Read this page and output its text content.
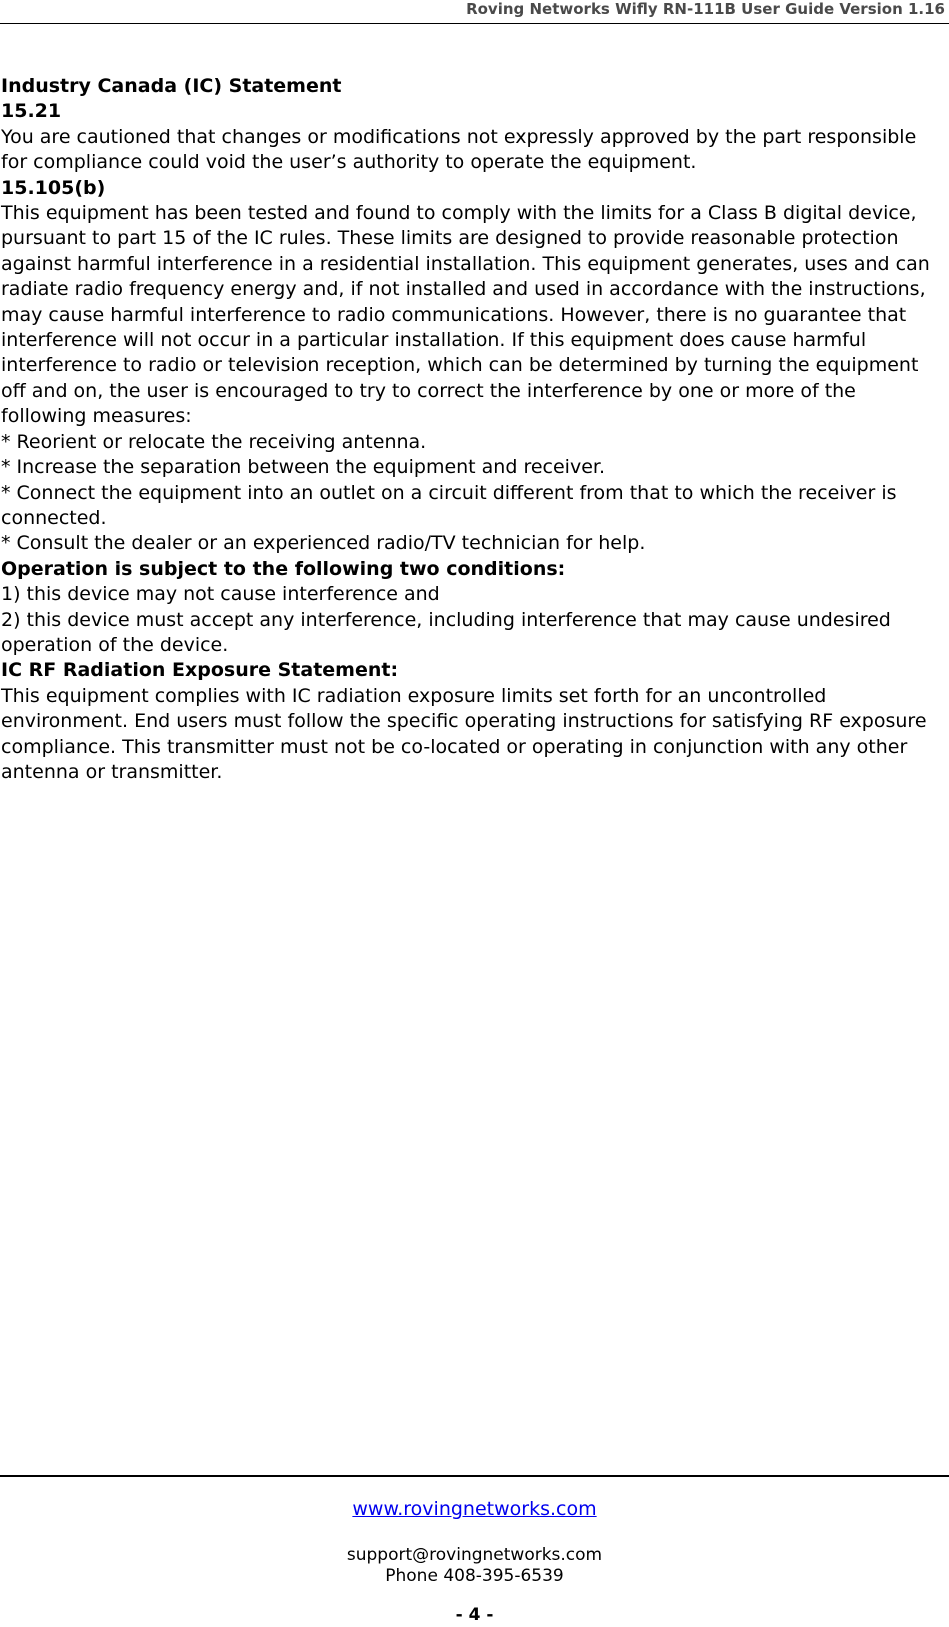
Roving Networks Wifly RN-111B User Guide Version 1.16

Industry Canada (IC) Statement

15.21

You are cautioned that changes or modifications not expressly approved by the part responsible for compliance could void the user’s authority to operate the equipment.

15.105(b)

This equipment has been tested and found to comply with the limits for a Class B digital device, pursuant to part 15 of the IC rules. These limits are designed to provide reasonable protection against harmful interference in a residential installation. This equipment generates, uses and can radiate radio frequency energy and, if not installed and used in accordance with the instructions, may cause harmful interference to radio communications. However, there is no guarantee that interference will not occur in a particular installation. If this equipment does cause harmful interference to radio or television reception, which can be determined by turning the equipment off and on, the user is encouraged to try to correct the interference by one or more of the following measures:

* Reorient or relocate the receiving antenna.

* Increase the separation between the equipment and receiver.

* Connect the equipment into an outlet on a circuit different from that to which the receiver is connected.

* Consult the dealer or an experienced radio/TV technician for help.

Operation is subject to the following two conditions:

1) this device may not cause interference and

2) this device must accept any interference, including interference that may cause undesired operation of the device.

IC RF Radiation Exposure Statement:

This equipment complies with IC radiation exposure limits set forth for an uncontrolled environment. End users must follow the specific operating instructions for satisfying RF exposure compliance. This transmitter must not be co-located or operating in conjunction with any other antenna or transmitter.

www.rovingnetworks.com
support@rovingnetworks.com
Phone 408-395-6539
- 4 -
